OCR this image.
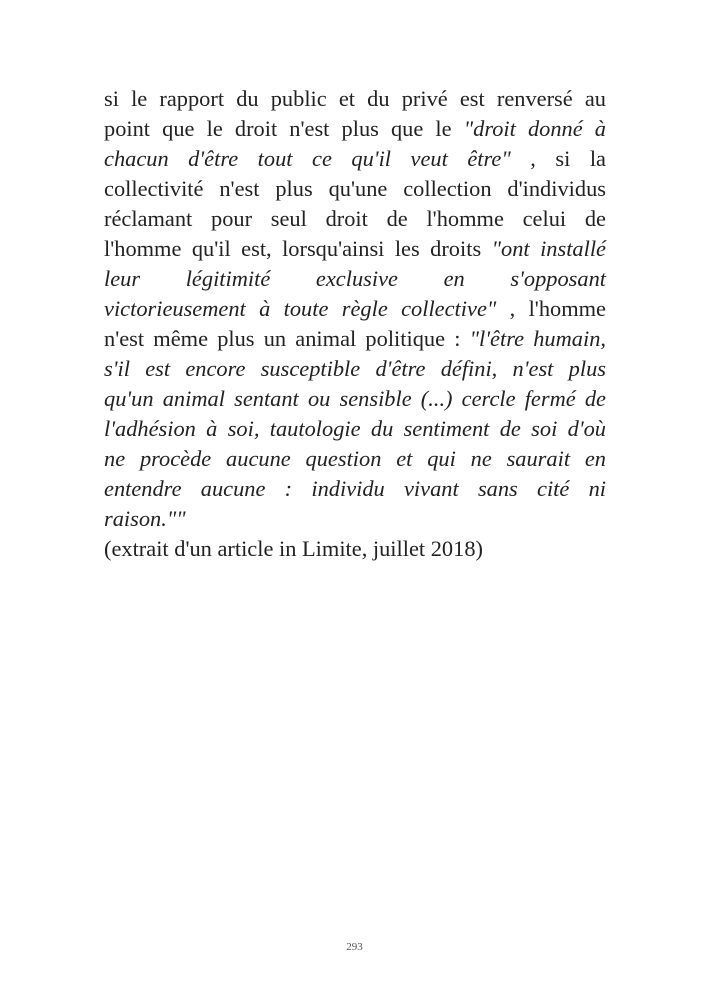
si le rapport du public et du privé est renversé au
point que le droit n'est plus que le "droit donné à
chacun d'être tout ce qu'il veut être" , si la
collectivité n'est plus qu'une collection d'individus
réclamant pour seul droit de l'homme celui de
l'homme qu'il est, lorsqu'ainsi les droits "ont installé
leur légitimité exclusive en s'opposant
victorieusement à toute règle collective" , l'homme
n'est même plus un animal politique : "l'être humain,
s'il est encore susceptible d'être défini, n'est plus
qu'un animal sentant ou sensible (...) cercle fermé de
l'adhésion à soi, tautologie du sentiment de soi d'où
ne procède aucune question et qui ne saurait en
entendre aucune : individu vivant sans cité ni
raison.""
(extrait d'un article in Limite, juillet 2018)
293
